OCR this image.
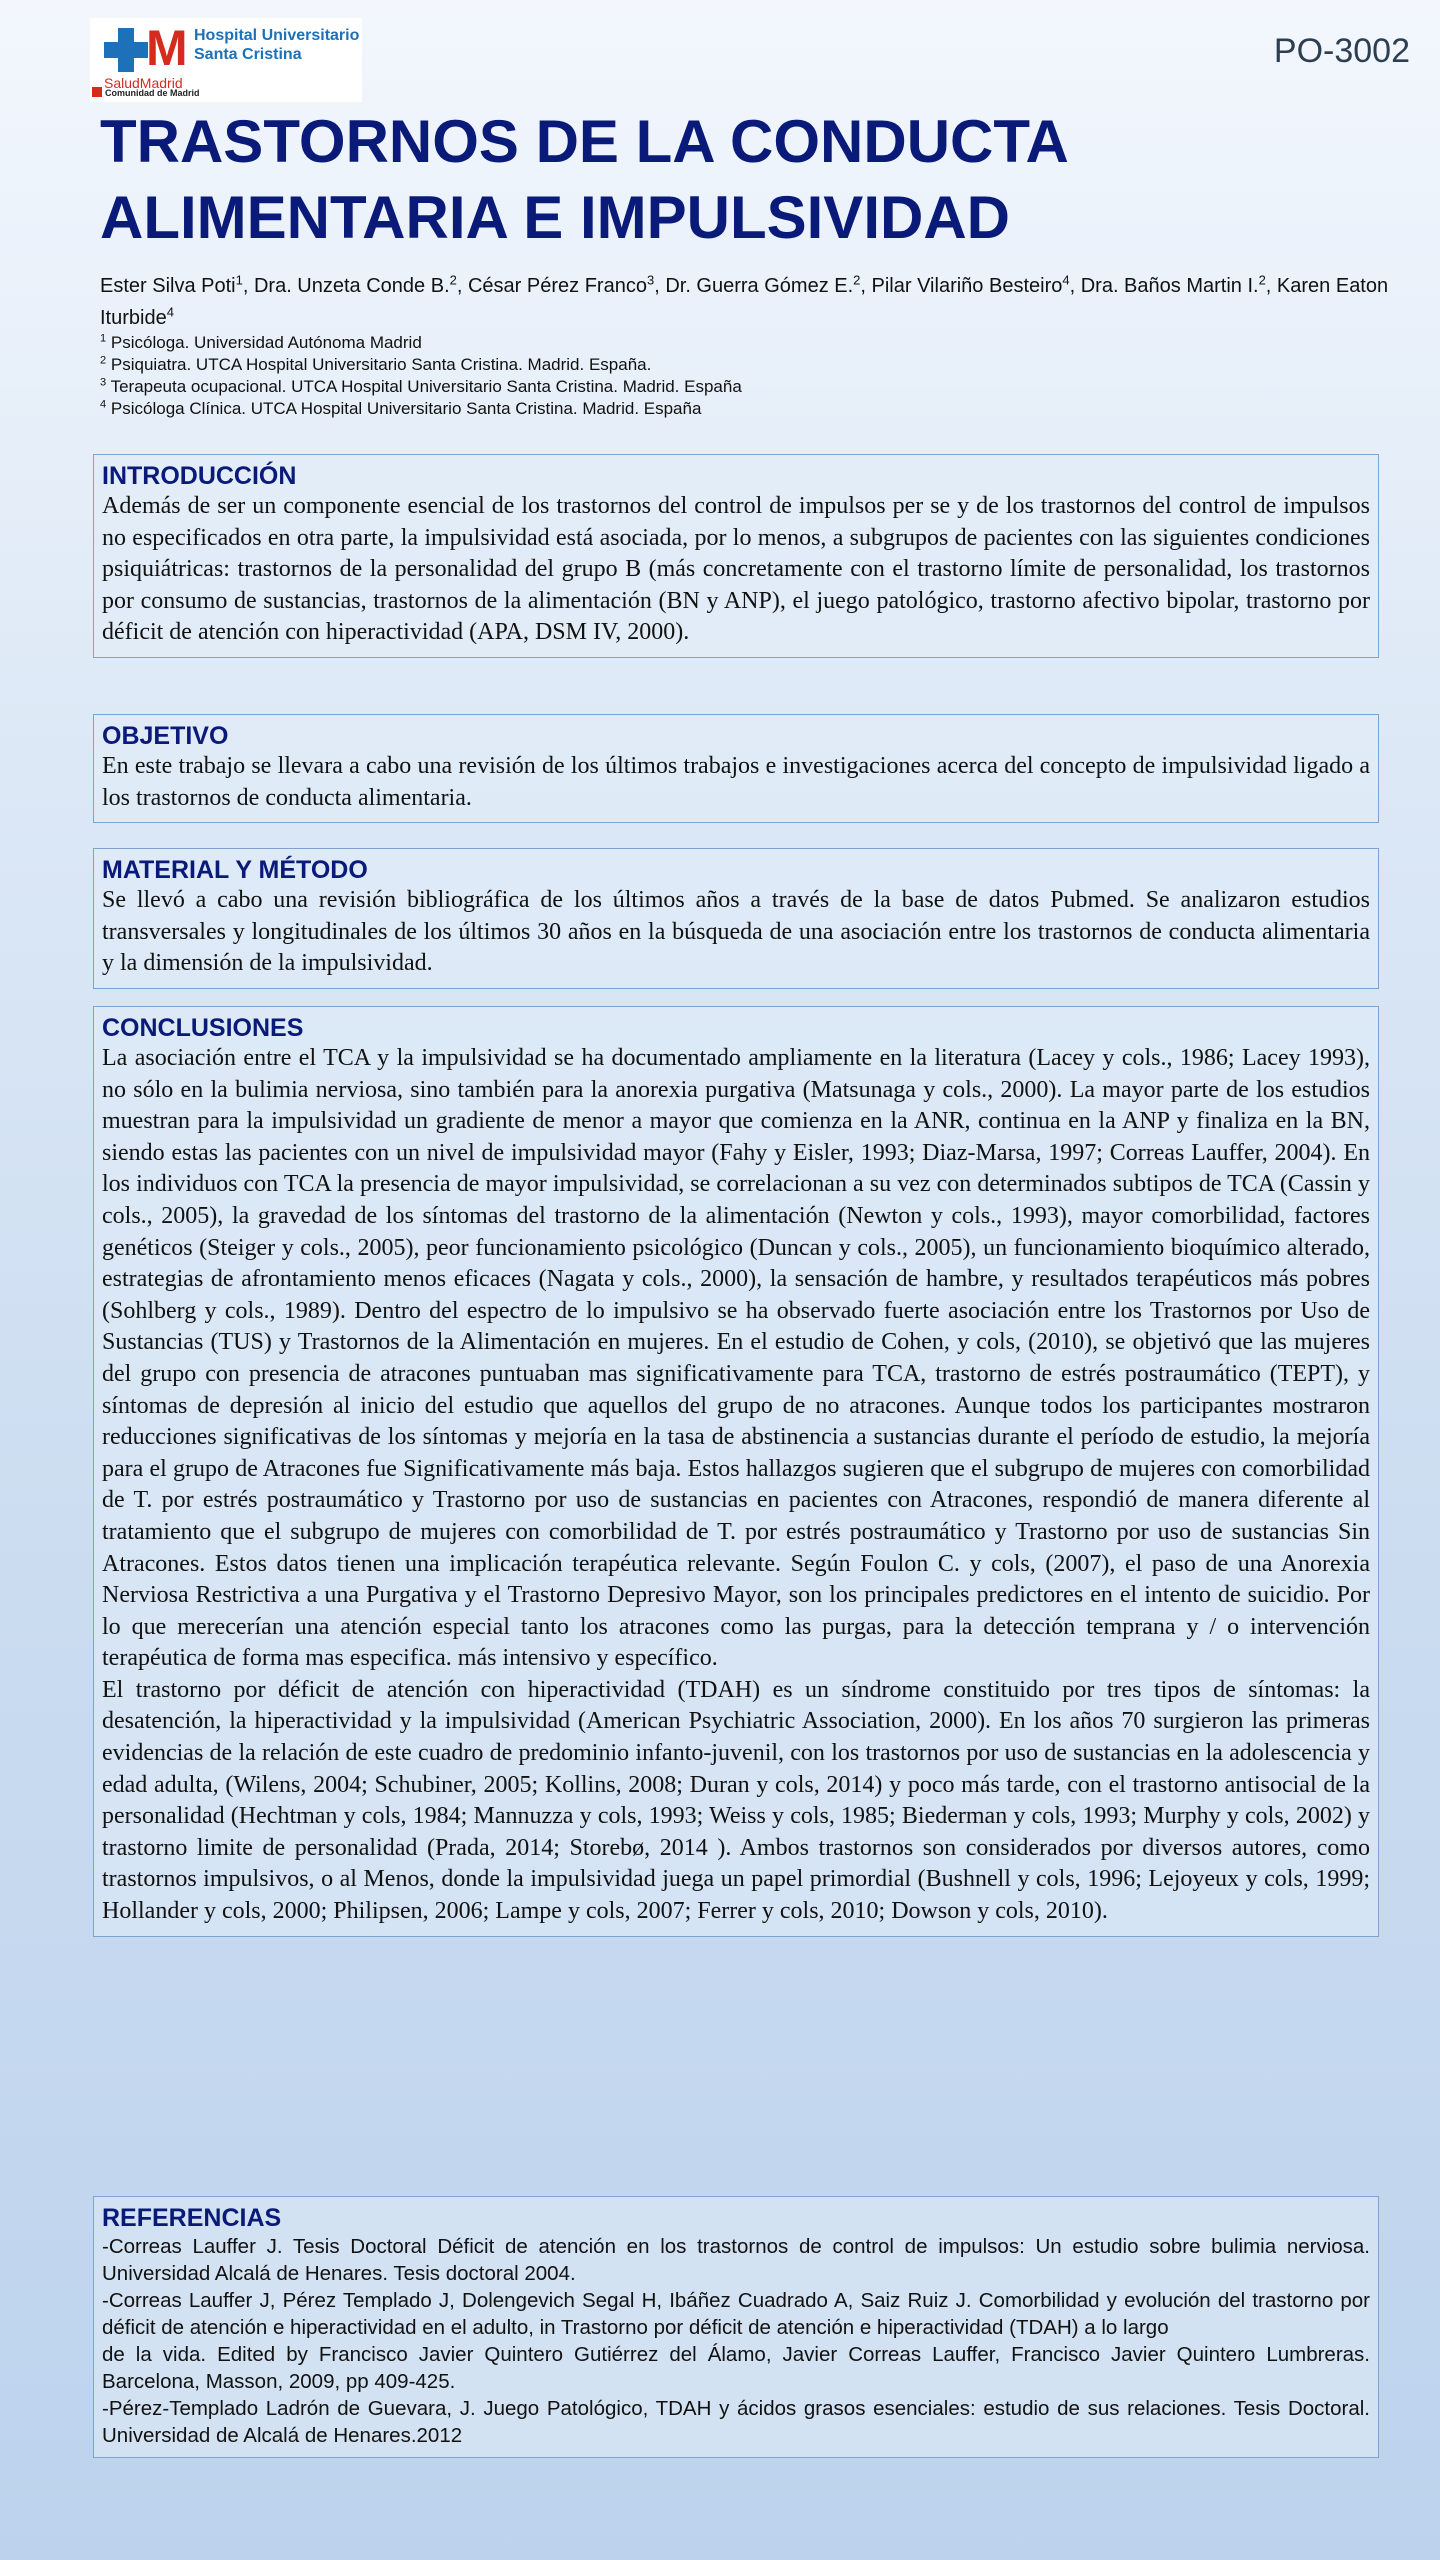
M Hospital Universitario
Santa Cristina
SaludMadrid
Comunidad de Madrid
PO-3002
TRASTORNOS DE LA CONDUCTA
ALIMENTARIA E IMPULSIVIDAD
Ester Silva Poti$^1$, Dra. Unzeta Conde B.$^2$, César Pérez Franco$^3$, Dr. Guerra Gómez E.$^2$, Pilar Vilariño Besteiro$^4$, Dra. Baños Martin I.$^2$, Karen Eaton Iturbide$^4$
$^1$ Psicóloga. Universidad Autónoma Madrid
$^2$ Psiquiatra. UTCA Hospital Universitario Santa Cristina. Madrid. España.
$^3$ Terapeuta ocupacional. UTCA Hospital Universitario Santa Cristina. Madrid. España
$^4$ Psicóloga Clínica. UTCA Hospital Universitario Santa Cristina. Madrid. España
INTRODUCCIÓN

Además de ser un componente esencial de los trastornos del control de impulsos per se y de los trastornos del control de impulsos no especificados en otra parte, la impulsividad está asociada, por lo menos, a subgrupos de pacientes con las siguientes condiciones psiquiátricas: trastornos de la personalidad del grupo B (más concretamente con el trastorno límite de personalidad, los trastornos por consumo de sustancias, trastornos de la alimentación (BN y ANP), el juego patológico, trastorno afectivo bipolar, trastorno por déficit de atención con hiperactividad (APA, DSM IV, 2000).

OBJETIVO

En este trabajo se llevara a cabo una revisión de los últimos trabajos e investigaciones acerca del concepto de impulsividad ligado a los trastornos de conducta alimentaria.

MATERIAL Y MÉTODO

Se llevó a cabo una revisión bibliográfica de los últimos años a través de la base de datos Pubmed. Se analizaron estudios transversales y longitudinales de los últimos 30 años en la búsqueda de una asociación entre los trastornos de conducta alimentaria y la dimensión de la impulsividad.

CONCLUSIONES

La asociación entre el TCA y la impulsividad se ha documentado ampliamente en la literatura (Lacey y cols., 1986; Lacey 1993), no sólo en la bulimia nerviosa, sino también para la anorexia purgativa (Matsunaga y cols., 2000). La mayor parte de los estudios muestran para la impulsividad un gradiente de menor a mayor que comienza en la ANR, continua en la ANP y finaliza en la BN, siendo estas las pacientes con un nivel de impulsividad mayor (Fahy y Eisler, 1993; Diaz-Marsa, 1997; Correas Lauffer, 2004). En los individuos con TCA la presencia de mayor impulsividad, se correlacionan a su vez con determinados subtipos de TCA (Cassin y cols., 2005), la gravedad de los síntomas del trastorno de la alimentación (Newton y cols., 1993), mayor comorbilidad, factores genéticos (Steiger y cols., 2005), peor funcionamiento psicológico (Duncan y cols., 2005), un funcionamiento bioquímico alterado, estrategias de afrontamiento menos eficaces (Nagata y cols., 2000), la sensación de hambre, y resultados terapéuticos más pobres (Sohlberg y cols., 1989). Dentro del espectro de lo impulsivo se ha observado fuerte asociación entre los Trastornos por Uso de Sustancias (TUS) y Trastornos de la Alimentación en mujeres. En el estudio de Cohen, y cols, (2010), se objetivó que las mujeres del grupo con presencia de atracones puntuaban mas significativamente para TCA, trastorno de estrés postraumático (TEPT), y síntomas de depresión al inicio del estudio que aquellos del grupo de no atracones. Aunque todos los participantes mostraron reducciones significativas de los síntomas y mejoría en la tasa de abstinencia a sustancias durante el período de estudio, la mejoría para el grupo de Atracones fue Significativamente más baja. Estos hallazgos sugieren que el subgrupo de mujeres con comorbilidad de T. por estrés postraumático y Trastorno por uso de sustancias en pacientes con Atracones, respondió de manera diferente al tratamiento que el subgrupo de mujeres con comorbilidad de T. por estrés postraumático y Trastorno por uso de sustancias Sin Atracones. Estos datos tienen una implicación terapéutica relevante. Según Foulon C. y cols, (2007), el paso de una Anorexia Nerviosa Restrictiva a una Purgativa y el Trastorno Depresivo Mayor, son los principales predictores en el intento de suicidio. Por lo que merecerían una atención especial tanto los atracones como las purgas, para la detección temprana y / o intervención terapéutica de forma mas especifica. más intensivo y específico.

El trastorno por déficit de atención con hiperactividad (TDAH) es un síndrome constituido por tres tipos de síntomas: la desatención, la hiperactividad y la impulsividad (American Psychiatric Association, 2000). En los años 70 surgieron las primeras evidencias de la relación de este cuadro de predominio infanto-juvenil, con los trastornos por uso de sustancias en la adolescencia y edad adulta, (Wilens, 2004; Schubiner, 2005; Kollins, 2008; Duran y cols, 2014) y poco más tarde, con el trastorno antisocial de la personalidad (Hechtman y cols, 1984; Mannuzza y cols, 1993; Weiss y cols, 1985; Biederman y cols, 1993; Murphy y cols, 2002) y trastorno limite de personalidad (Prada, 2014; Storebø, 2014 ). Ambos trastornos son considerados por diversos autores, como trastornos impulsivos, o al Menos, donde la impulsividad juega un papel primordial (Bushnell y cols, 1996; Lejoyeux y cols, 1999; Hollander y cols, 2000; Philipsen, 2006; Lampe y cols, 2007; Ferrer y cols, 2010; Dowson y cols, 2010).

REFERENCIAS

-Correas Lauffer J. Tesis Doctoral Déficit de atención en los trastornos de control de impulsos: Un estudio sobre bulimia nerviosa. Universidad Alcalá de Henares. Tesis doctoral 2004.

-Correas Lauffer J, Pérez Templado J, Dolengevich Segal H, Ibáñez Cuadrado A, Saiz Ruiz J. Comorbilidad y evolución del trastorno por déficit de atención e hiperactividad en el adulto, in Trastorno por déficit de atención e hiperactividad (TDAH) a lo largo

de la vida. Edited by Francisco Javier Quintero Gutiérrez del Álamo, Javier Correas Lauffer, Francisco Javier Quintero Lumbreras. Barcelona, Masson, 2009, pp 409-425.

-Pérez-Templado Ladrón de Guevara, J. Juego Patológico, TDAH y ácidos grasos esenciales: estudio de sus relaciones. Tesis Doctoral. Universidad de Alcalá de Henares.2012
